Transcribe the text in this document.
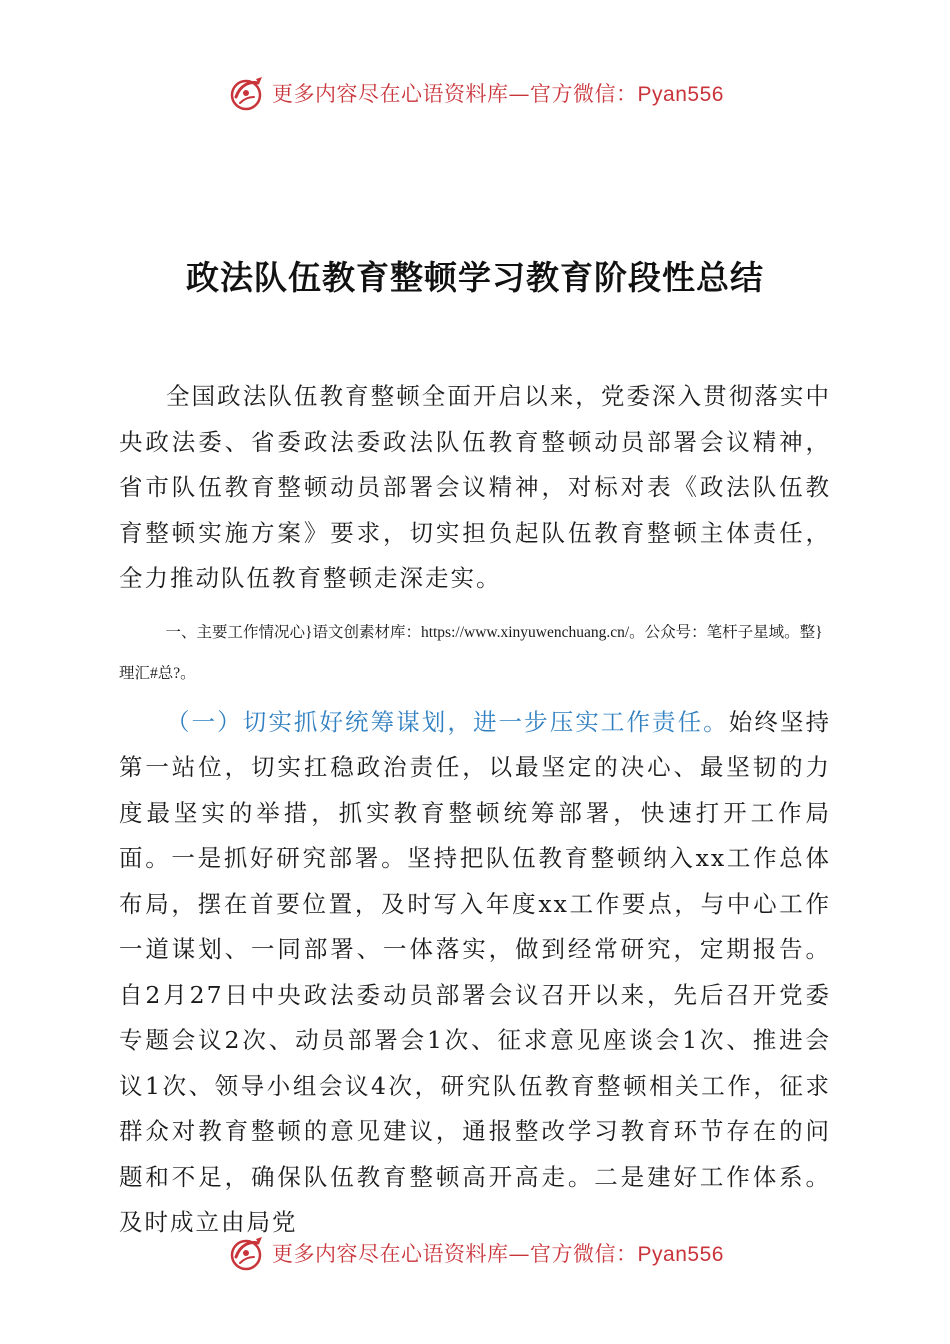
更多内容尽在心语资料库—官方微信：Pyan556
政法队伍教育整顿学习教育阶段性总结

全国政法队伍教育整顿全面开启以来，党委深入贯彻落实中央政法委、省委政法委政法队伍教育整顿动员部署会议精神，省市队伍教育整顿动员部署会议精神，对标对表《政法队伍教育整顿实施方案》要求，切实担负起队伍教育整顿主体责任，全力推动队伍教育整顿走深走实。

一、主要工作情况心}语文创素材库：https://www.xinyuwenchuang.cn/。公众号：笔杆子星域。整}理汇#总?。

（一）切实抓好统筹谋划，进一步压实工作责任。始终坚持第一站位，切实扛稳政治责任，以最坚定的决心、最坚韧的力度最坚实的举措，抓实教育整顿统筹部署，快速打开工作局面。一是抓好研究部署。坚持把队伍教育整顿纳入xx工作总体布局，摆在首要位置，及时写入年度xx工作要点，与中心工作一道谋划、一同部署、一体落实，做到经常研究，定期报告。自2月27日中央政法委动员部署会议召开以来，先后召开党委专题会议2次、动员部署会1次、征求意见座谈会1次、推进会议1次、领导小组会议4次，研究队伍教育整顿相关工作，征求群众对教育整顿的意见建议，通报整改学习教育环节存在的问题和不足，确保队伍教育整顿高开高走。二是建好工作体系。及时成立由局党

更多内容尽在心语资料库—官方微信：Pyan556
